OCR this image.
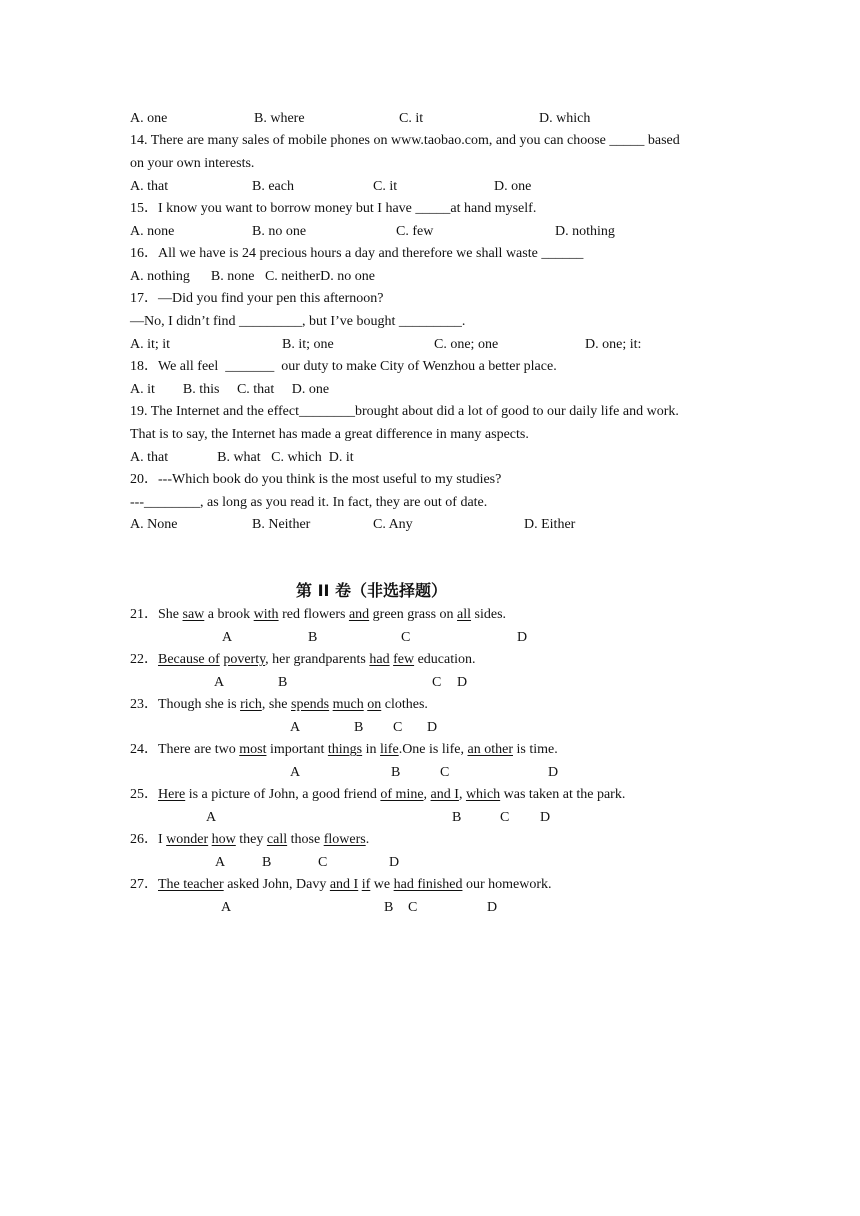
A. one	B. where	C. it	D. which
14. There are many sales of mobile phones on www.taobao.com, and you can choose _____ based
on your own interests.
A. that	B. each	C. it	D. one
15．I know you want to borrow money but I have _____at hand myself.
A. none	B. no one	C. few	D. nothing
16．All we have is 24 precious hours a day and therefore we shall waste ______
A. nothing      B. none   C. neitherD. no one
17．—Did you find your pen this afternoon?
—No, I didn’t find _________, but I’ve bought _________.
A. it; it	B. it; one	C. one; one	D. one; it:
18．We all feel  _______  our duty to make City of Wenzhou a better place.
A. it        B. this     C. that     D. one
19. The Internet and the effect________brought about did a lot of good to our daily life and work.
That is to say, the Internet has made a great difference in many aspects.
A. that              B. what   C. which  D. it
20．---Which book do you think is the most useful to my studies?
---________, as long as you read it. In fact, they are out of date.
A. None	B. Neither	C. Any	D. Either
第 II 卷（非选择题）
21．She saw a brook with red flowers and green grass on all sides.
22．Because of poverty, her grandparents had few education.
23．Though she is rich, she spends much on clothes.
24．There are two most important things in life.One is life, an other is time.
25．Here is a picture of John, a good friend of mine, and I, which was taken at the park.
26．I wonder how they call those flowers.
27．The teacher asked John, Davy and I if we had finished our homework.
A	B	C	D
A	B	C D
A	B C D
A	B	C	D
A	B	C D
A	B	C	D
A	B C	D
